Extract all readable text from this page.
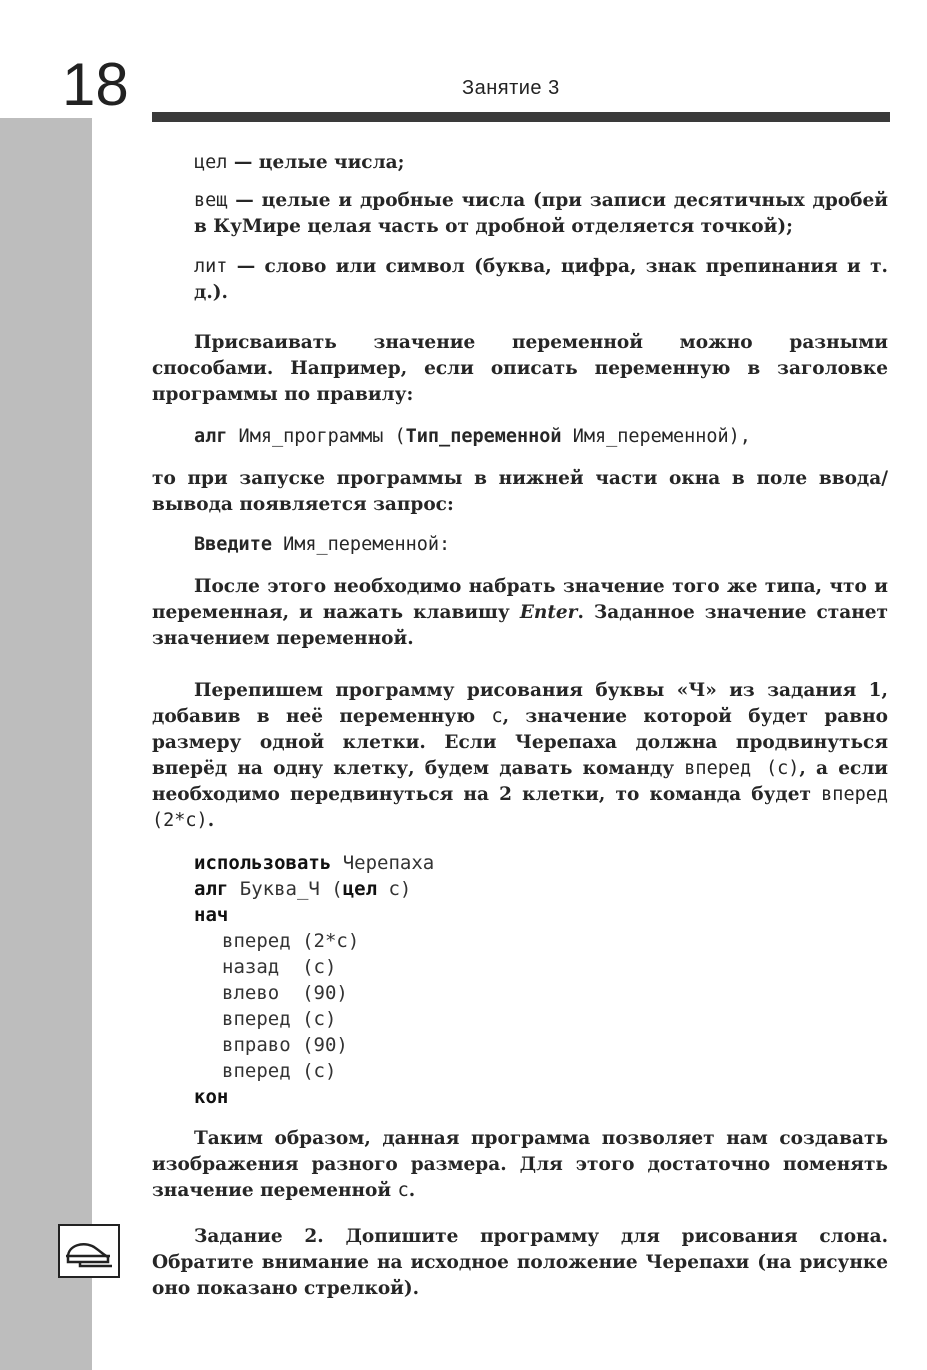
18	Занятие 3

цел — целые числа;

вещ — целые и дробные числа (при записи десятичных дробей в КуМире целая часть от дробной отделяется точкой);

лит — слово или символ (буква, цифра, знак препинания и т. д.).

Присваивать значение переменной можно разными способами. Например, если описать переменную в заголовке программы по правилу:

алг Имя_программы (Тип_переменной Имя_переменной),

то при запуске программы в нижней части окна в поле ввода/вывода появляется запрос:

Введите Имя_переменной:

После этого необходимо набрать значение того же типа, что и переменная, и нажать клавишу Enter. Заданное значение станет значением переменной.

Перепишем программу рисования буквы «Ч» из задания 1, добавив в неё переменную с, значение которой будет равно размеру одной клетки. Если Черепаха должна продвинуться вперёд на одну клетку, будем давать команду вперед (с), а если необходимо передвинуться на 2 клетки, то команда будет вперед (2*с).

использовать Черепаха
алг Буква_Ч (цел с)
нач
вперед (2*с)
назад  (с)
влево  (90)
вперед (с)
вправо (90)
вперед (с)
кон

Таким образом, данная программа позволяет нам создавать изображения разного размера. Для этого достаточно поменять значение переменной с.

Задание 2. Допишите программу для рисования слона. Обратите внимание на исходное положение Черепахи (на рисунке оно показано стрелкой).
